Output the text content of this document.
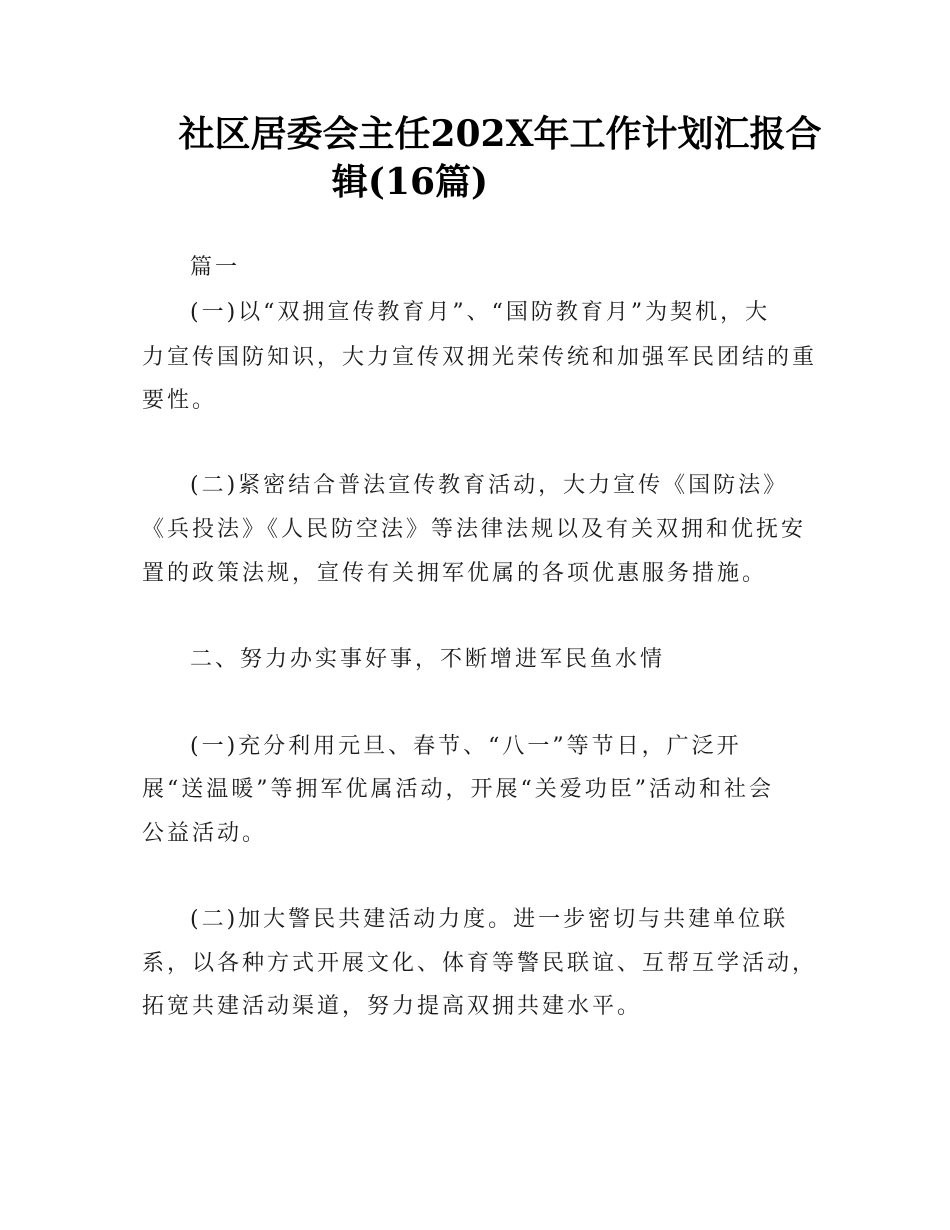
社区居委会主任202X年工作计划汇报合
辑(16篇)

篇一

(一)以“双拥宣传教育月”、“国防教育月”为契机，大

力宣传国防知识，大力宣传双拥光荣传统和加强军民团结的重

要性。

(二)紧密结合普法宣传教育活动，大力宣传《国防法》

《兵投法》《人民防空法》等法律法规以及有关双拥和优抚安

置的政策法规，宣传有关拥军优属的各项优惠服务措施。

二、努力办实事好事，不断增进军民鱼水情

(一)充分利用元旦、春节、“八一”等节日，广泛开

展“送温暖”等拥军优属活动，开展“关爱功臣”活动和社会

公益活动。

(二)加大警民共建活动力度。进一步密切与共建单位联

系，以各种方式开展文化、体育等警民联谊、互帮互学活动，

拓宽共建活动渠道，努力提高双拥共建水平。
